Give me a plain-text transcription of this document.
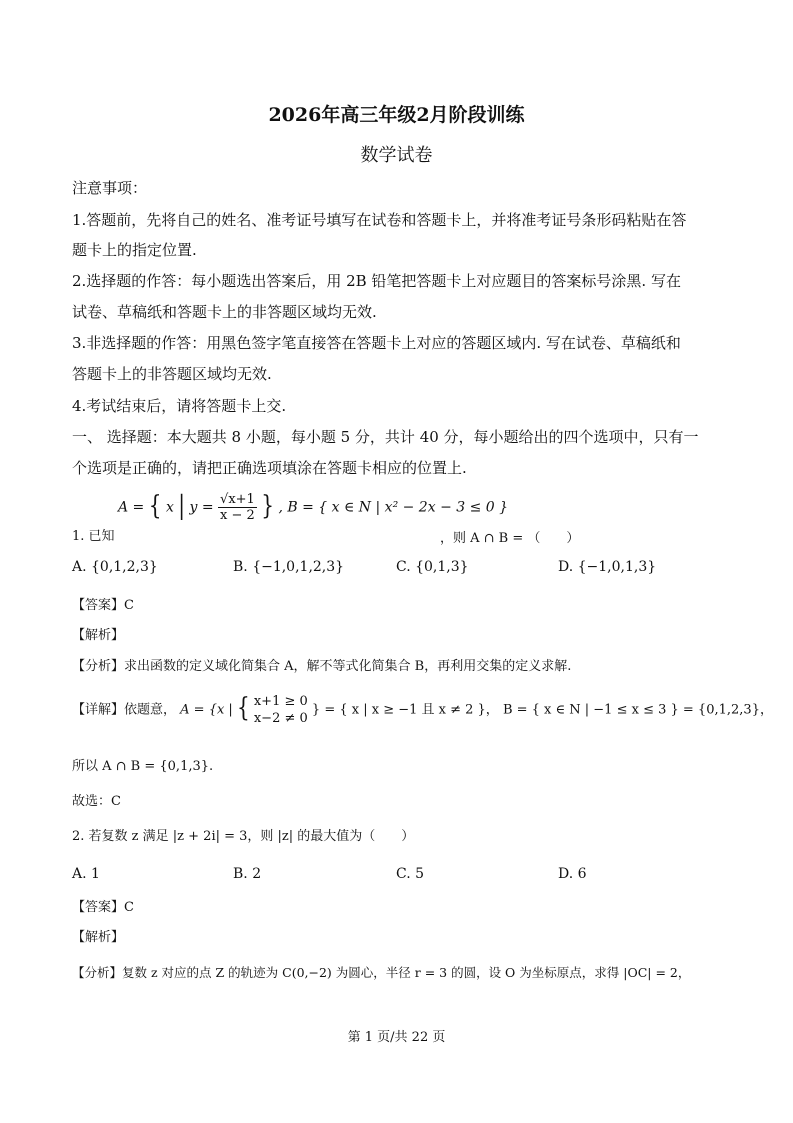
2026年高三年级2月阶段训练
数学试卷
注意事项：
1.答题前，先将自己的姓名、准考证号填写在试卷和答题卡上，并将准考证号条形码粘贴在答
题卡上的指定位置.
2.选择题的作答：每小题选出答案后，用 2B 铅笔把答题卡上对应题目的答案标号涂黑. 写在
试卷、草稿纸和答题卡上的非答题区域均无效.
3.非选择题的作答：用黑色签字笔直接答在答题卡上对应的答题区域内. 写在试卷、草稿纸和
答题卡上的非答题区域均无效.
4.考试结束后，请将答题卡上交.
一、 选择题：本大题共 8 小题，每小题 5 分，共计 40 分，每小题给出的四个选项中，只有一
个选项是正确的，请把正确选项填涂在答题卡相应的位置上.
1. 已知
A = { x | $y = \frac{√x+1}{x - 2}$ } , B = { x ∈ N | x² − 2x − 3 ≤ 0 }
，则 A ∩ B = （　　）
A. {0,1,2,3}	B. {−1,0,1,2,3}	C. {0,1,3}	D. {−1,0,1,3}
【答案】C
【解析】
【分析】求出函数的定义域化简集合 A，解不等式化简集合 B，再利用交集的定义求解.
【详解】依题意， A = {x | { x+1 ≥ 0
x−2 ≠ 0
} = { x | x ≥ −1 且 x ≠ 2 }， B = { x ∈ N | −1 ≤ x ≤ 3 } = {0,1,2,3}，
所以 A ∩ B = {0,1,3}.
故选：C
2. 若复数 z 满足 |z + 2i| = 3，则 |z| 的最大值为（　　）
A. 1	B. 2	C. 5	D. 6
【答案】C
【解析】
【分析】复数 z 对应的点 Z 的轨迹为 C(0,−2) 为圆心，半径 r = 3 的圆，设 O 为坐标原点，求得 |OC| = 2，
第 1 页/共 22 页
